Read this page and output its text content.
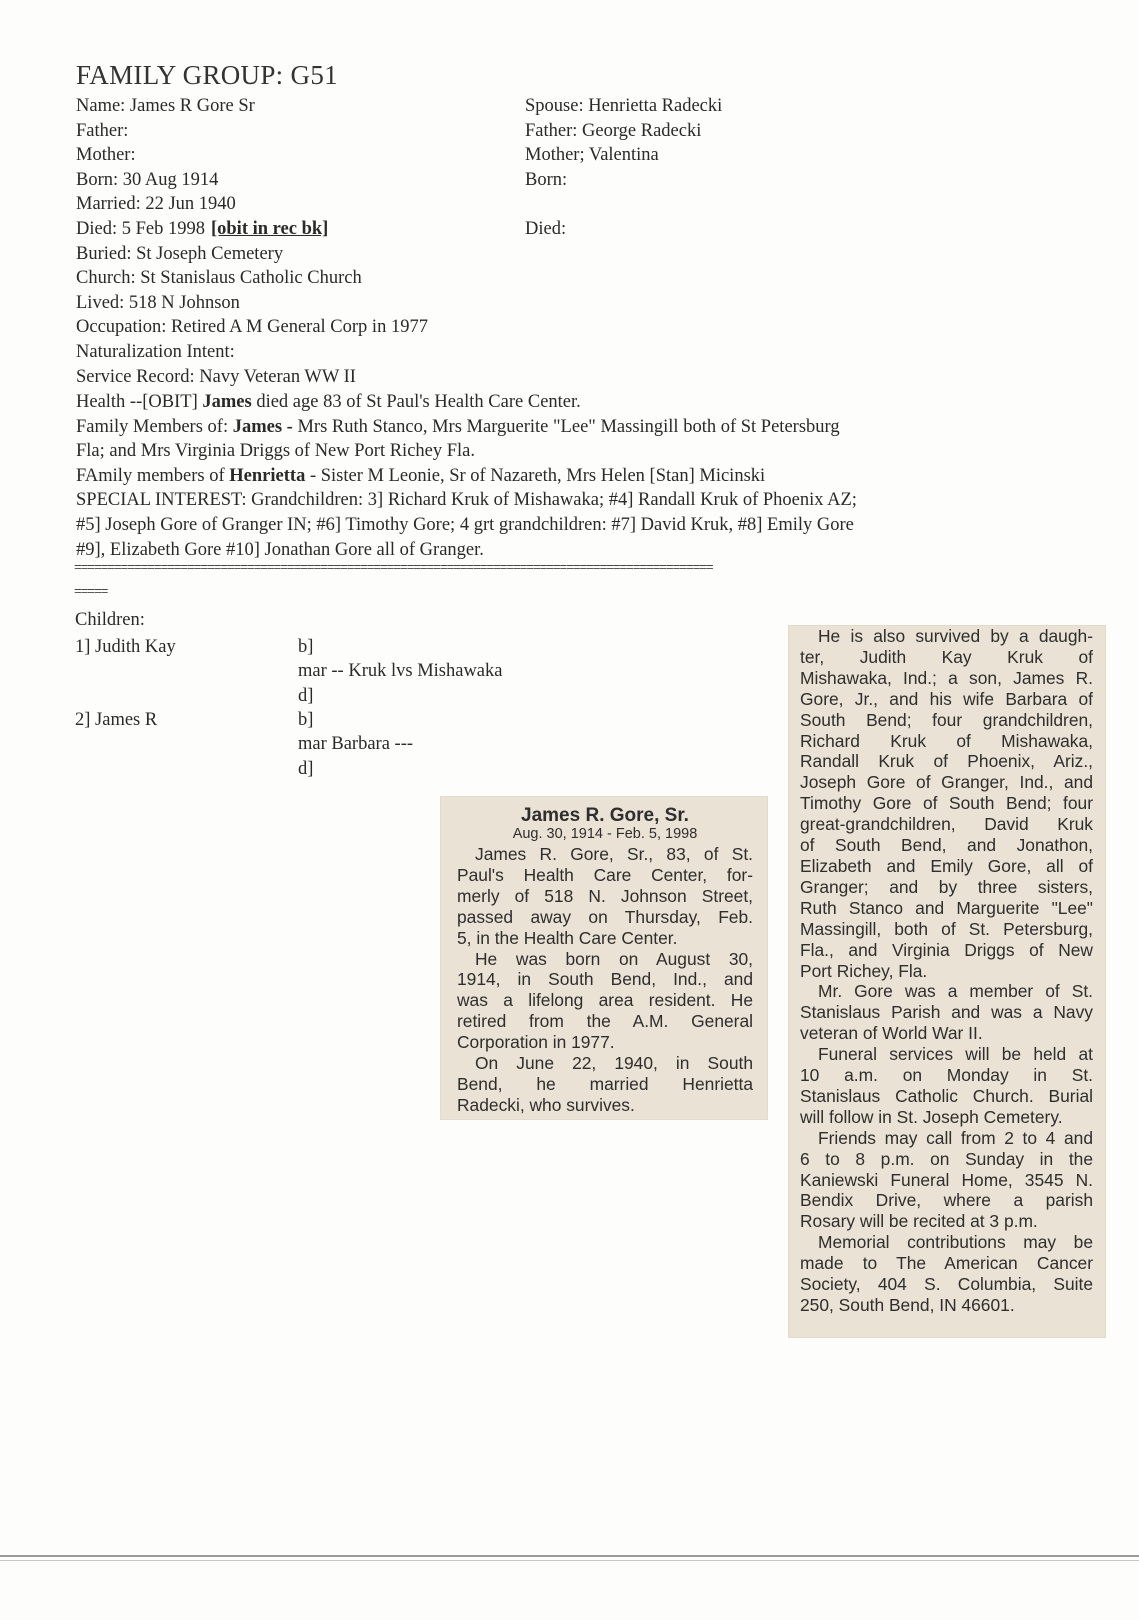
FAMILY GROUP: G51
Name: James R Gore Sr
Father:
Mother:
Born: 30 Aug 1914
Married: 22 Jun 1940
Died: 5 Feb 1998 [obit in rec bk]
Buried: St Joseph Cemetery
Church: St Stanislaus Catholic Church
Lived: 518 N Johnson
Occupation: Retired A M General Corp in 1977
Naturalization Intent:
Service Record: Navy Veteran WW II
Spouse: Henrietta Radecki
Father: George Radecki
Mother; Valentina
Born:

Died:
Health --[OBIT] James died age 83 of St Paul's Health Care Center.
Family Members of: James - Mrs Ruth Stanco, Mrs Marguerite "Lee" Massingill both of St Petersburg
Fla; and Mrs Virginia Driggs of New Port Richey Fla.
FAmily members of Henrietta - Sister M Leonie, Sr of Nazareth, Mrs Helen [Stan] Micinski
SPECIAL INTEREST: Grandchildren: 3] Richard Kruk of Mishawaka; #4] Randall Kruk of Phoenix AZ;
#5] Joseph Gore of Granger IN; #6] Timothy Gore; 4 grt grandchildren: #7] David Kruk, #8] Emily Gore
#9], Elizabeth Gore #10] Jonathan Gore all of Granger.
================================================================================================
=====
Children:
1] Judith Kay	b]
mar -- Kruk lvs Mishawaka
d]
2] James R	b]
mar Barbara ---
d]
James R. Gore, Sr.
Aug. 30, 1914 - Feb. 5, 1998

James R. Gore, Sr., 83, of St.

Paul's Health Care Center, for-

merly of 518 N. Johnson Street,

passed away on Thursday, Feb.

5, in the Health Care Center.

He was born on August 30,

1914, in South Bend, Ind., and

was a lifelong area resident. He

retired from the A.M. General

Corporation in 1977.

On June 22, 1940, in South

Bend, he married Henrietta

Radecki, who survives.

He is also survived by a daugh-

ter, Judith Kay Kruk of

Mishawaka, Ind.; a son, James R.

Gore, Jr., and his wife Barbara of

South Bend; four grandchildren,

Richard Kruk of Mishawaka,

Randall Kruk of Phoenix, Ariz.,

Joseph Gore of Granger, Ind., and

Timothy Gore of South Bend; four

great-grandchildren, David Kruk

of South Bend, and Jonathon,

Elizabeth and Emily Gore, all of

Granger; and by three sisters,

Ruth Stanco and Marguerite "Lee"

Massingill, both of St. Petersburg,

Fla., and Virginia Driggs of New

Port Richey, Fla.

Mr. Gore was a member of St.

Stanislaus Parish and was a Navy

veteran of World War II.

Funeral services will be held at

10 a.m. on Monday in St.

Stanislaus Catholic Church. Burial

will follow in St. Joseph Cemetery.

Friends may call from 2 to 4 and

6 to 8 p.m. on Sunday in the

Kaniewski Funeral Home, 3545 N.

Bendix Drive, where a parish

Rosary will be recited at 3 p.m.

Memorial contributions may be

made to The American Cancer

Society, 404 S. Columbia, Suite

250, South Bend, IN 46601.
